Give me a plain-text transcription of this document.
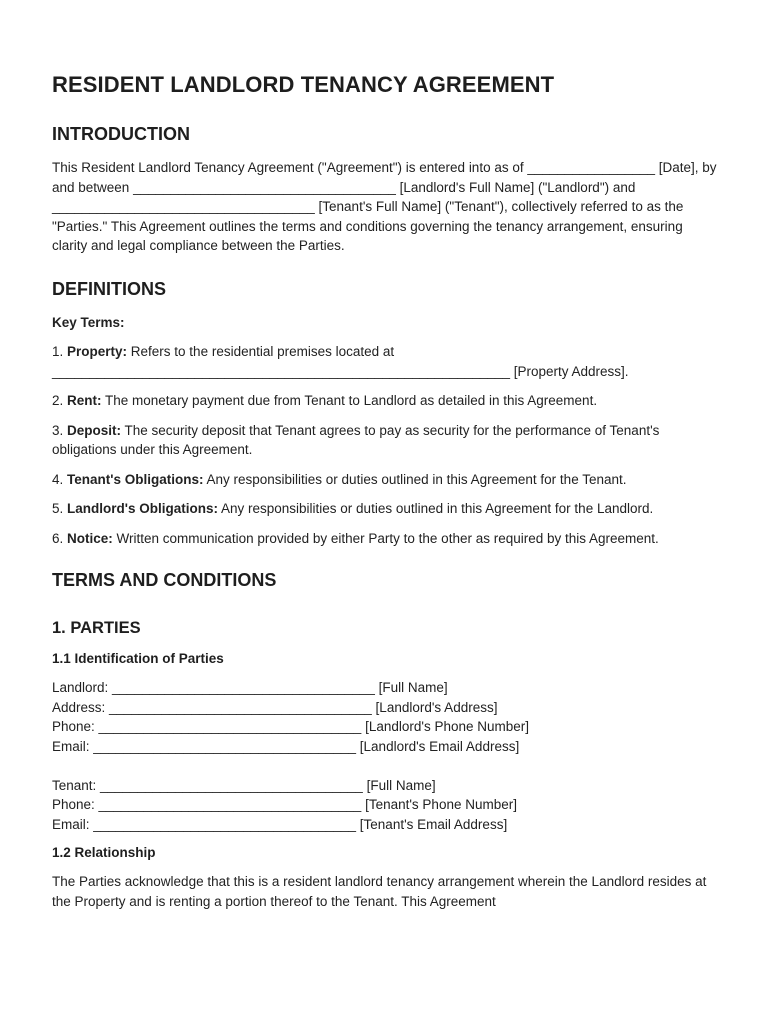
RESIDENT LANDLORD TENANCY AGREEMENT
INTRODUCTION

This Resident Landlord Tenancy Agreement ("Agreement") is entered into as of _________________ [Date], by and between ___________________________________ [Landlord's Full Name] ("Landlord") and ___________________________________ [Tenant's Full Name] ("Tenant"), collectively referred to as the "Parties." This Agreement outlines the terms and conditions governing the tenancy arrangement, ensuring clarity and legal compliance between the Parties.

DEFINITIONS

Key Terms:

1. Property: Refers to the residential premises located at _____________________________________________________________ [Property Address].

2. Rent: The monetary payment due from Tenant to Landlord as detailed in this Agreement.

3. Deposit: The security deposit that Tenant agrees to pay as security for the performance of Tenant's obligations under this Agreement.

4. Tenant's Obligations: Any responsibilities or duties outlined in this Agreement for the Tenant.

5. Landlord's Obligations: Any responsibilities or duties outlined in this Agreement for the Landlord.

6. Notice: Written communication provided by either Party to the other as required by this Agreement.

TERMS AND CONDITIONS
1. PARTIES
1.1 Identification of Parties

Landlord: ___________________________________ [Full Name]

Address: ___________________________________ [Landlord's Address]

Phone: ___________________________________ [Landlord's Phone Number]

Email: ___________________________________ [Landlord's Email Address]

Tenant: ___________________________________ [Full Name]

Phone: ___________________________________ [Tenant's Phone Number]

Email: ___________________________________ [Tenant's Email Address]

1.2 Relationship

The Parties acknowledge that this is a resident landlord tenancy arrangement wherein the Landlord resides at the Property and is renting a portion thereof to the Tenant. This Agreement
